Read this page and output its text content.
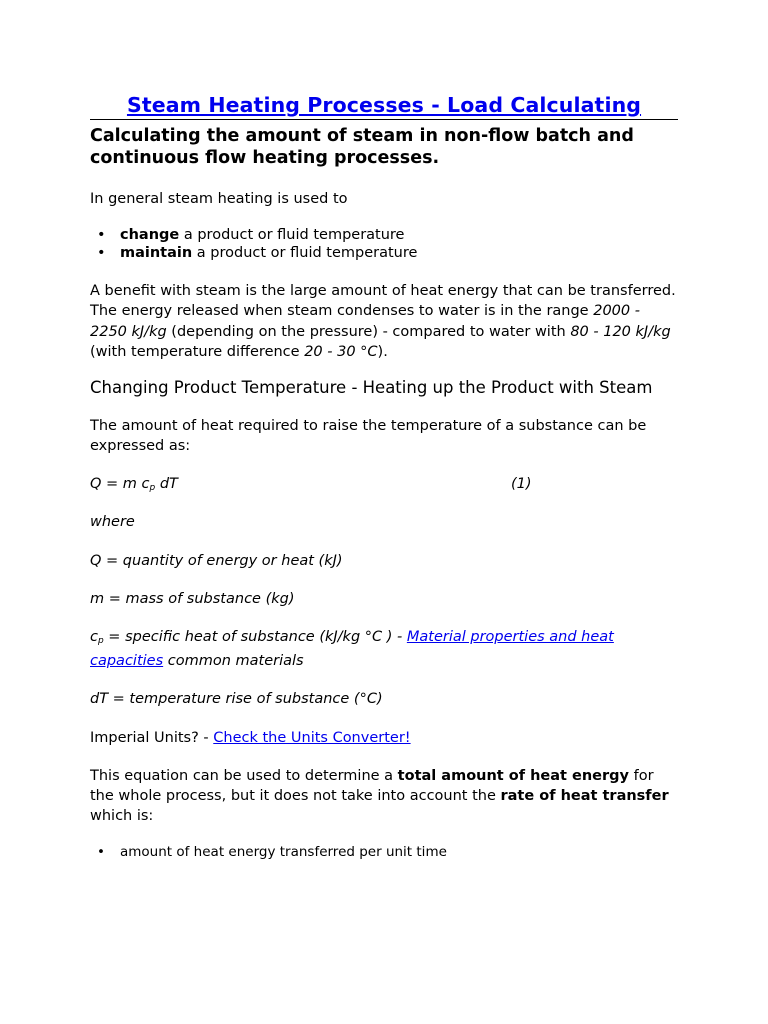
Steam Heating Processes - Load Calculating
Calculating the amount of steam in non-flow batch and continuous flow heating processes.

In general steam heating is used to

• change a product or fluid temperature
• maintain a product or fluid temperature

A benefit with steam is the large amount of heat energy that can be transferred. The energy released when steam condenses to water is in the range 2000 - 2250 kJ/kg (depending on the pressure) - compared to water with 80 - 120 kJ/kg (with temperature difference 20 - 30 °C).

Changing Product Temperature - Heating up the Product with Steam

The amount of heat required to raise the temperature of a substance can be expressed as:

Q = m $c_p$ dT	(1)

where

Q = quantity of energy or heat (kJ)

m = mass of substance (kg)

$c_p$ = specific heat of substance (kJ/kg °C ) - Material properties and heat capacities common materials

dT = temperature rise of substance (°C)

Imperial Units? - Check the Units Converter!

This equation can be used to determine a total amount of heat energy for the whole process, but it does not take into account the rate of heat transfer which is:

• amount of heat energy transferred per unit time
